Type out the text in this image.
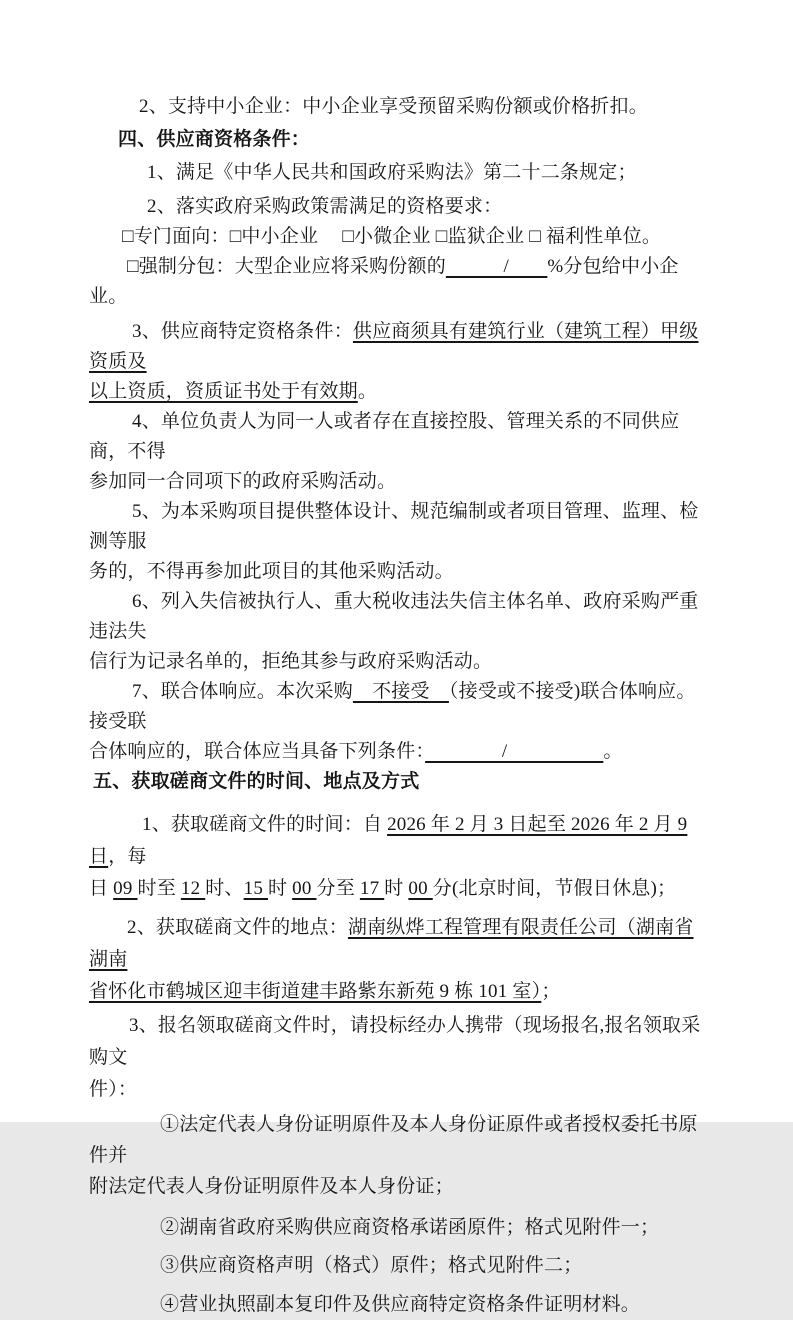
2、支持中小企业：中小企业享受预留采购份额或价格折扣。

四、供应商资格条件：

1、满足《中华人民共和国政府采购法》第二十二条规定；

2、落实政府采购政策需满足的资格要求：

□专门面向：□中小企业　 □小微企业 □监狱企业 □ 福利性单位。

□强制分包：大型企业应将采购份额的　　　/　　%分包给中小企业。

3、供应商特定资格条件：供应商须具有建筑行业（建筑工程）甲级资质及
以上资质，资质证书处于有效期。

4、单位负责人为同一人或者存在直接控股、管理关系的不同供应商，不得
参加同一合同项下的政府采购活动。

5、为本采购项目提供整体设计、规范编制或者项目管理、监理、检测等服
务的，不得再参加此项目的其他采购活动。

6、列入失信被执行人、重大税收违法失信主体名单、政府采购严重违法失
信行为记录名单的，拒绝其参与政府采购活动。

7、联合体响应。本次采购　不接受　（接受或不接受)联合体响应。接受联
合体响应的，联合体应当具备下列条件：　　　　/　　　　　。

五、获取磋商文件的时间、地点及方式

1、获取磋商文件的时间：自 2026 年 2 月 3 日起至 2026 年 2 月 9 日，每
日 09 时至 12 时、15 时 00 分至 17 时 00 分(北京时间，节假日休息)；

2、获取磋商文件的地点：湖南纵烨工程管理有限责任公司（湖南省湖南
省怀化市鹤城区迎丰街道建丰路紫东新苑 9 栋 101 室）；

3、报名领取磋商文件时，请投标经办人携带（现场报名,报名领取采购文
件）：

①法定代表人身份证明原件及本人身份证原件或者授权委托书原件并
附法定代表人身份证明原件及本人身份证；

②湖南省政府采购供应商资格承诺函原件；格式见附件一；

③供应商资格声明（格式）原件；格式见附件二；

④营业执照副本复印件及供应商特定资格条件证明材料。
